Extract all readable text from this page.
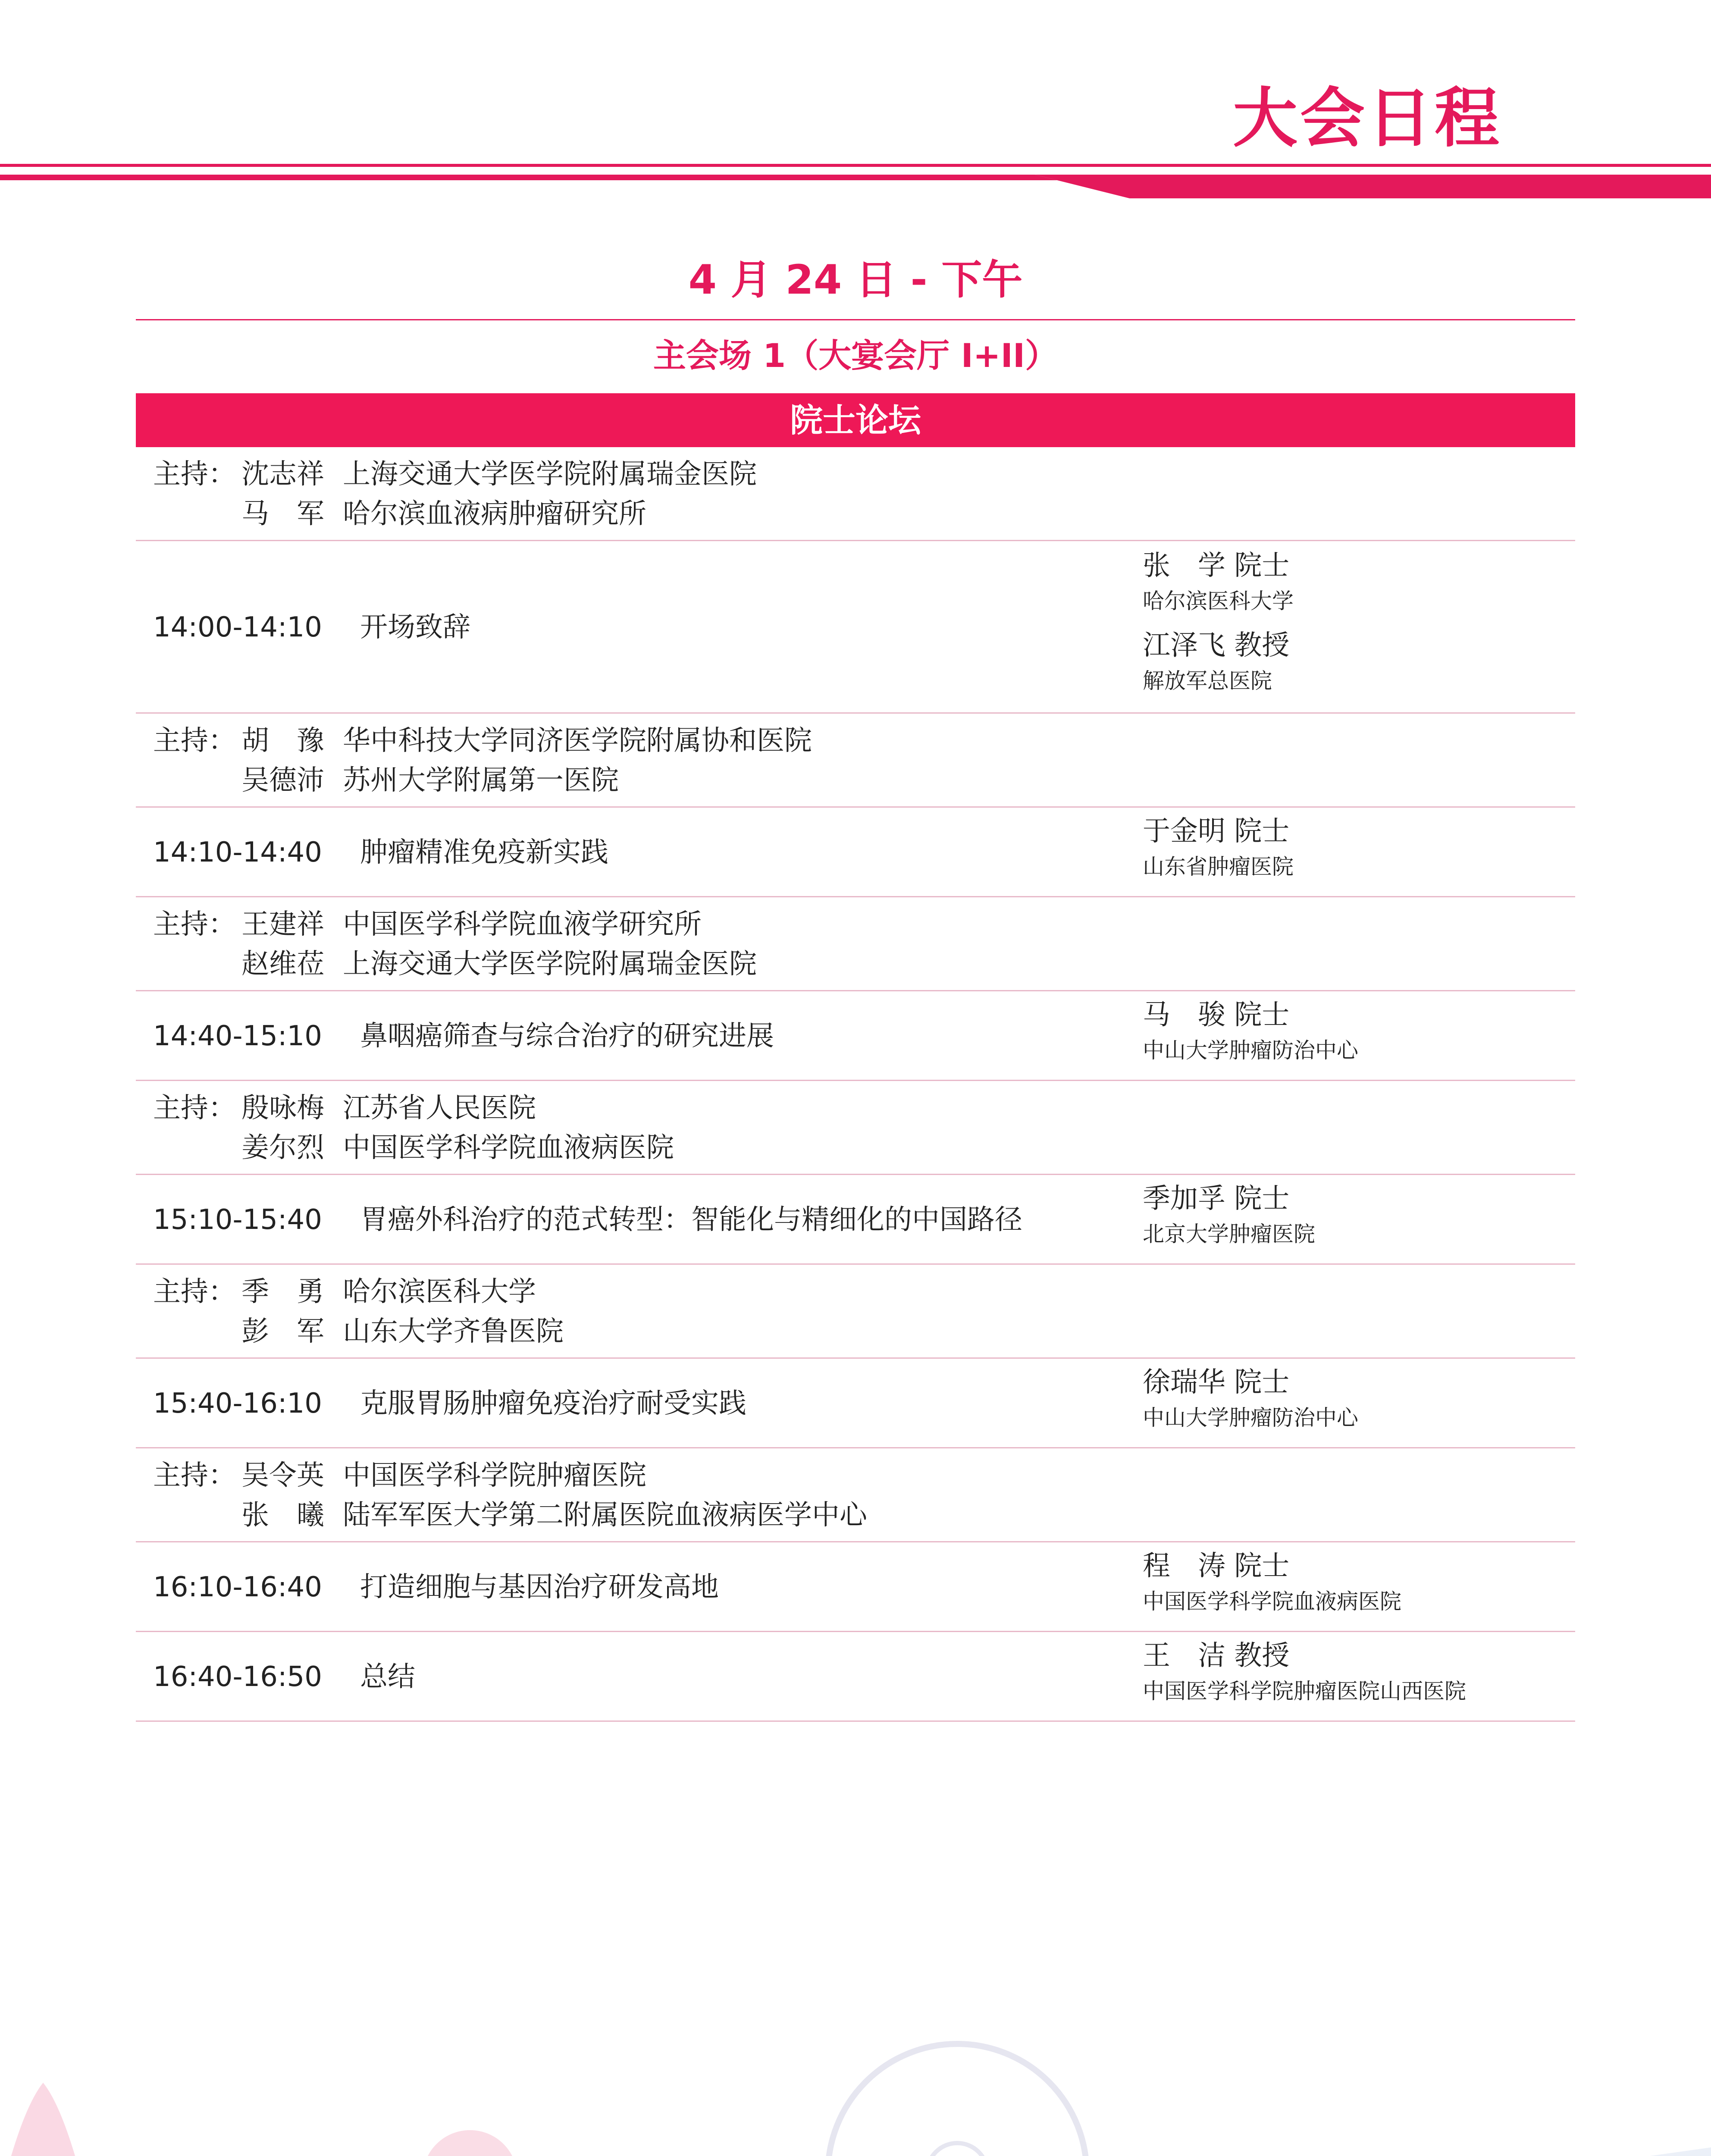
大会日程
4 月 24 日 - 下午
主会场 1（大宴会厅 I+II）
院士论坛
主持： 沈志祥 上海交通大学医学院附属瑞金医院
马　军 哈尔滨血液病肿瘤研究所
14:00-14:10 开场致辞
张　学 院士
哈尔滨医科大学
江泽飞 教授
解放军总医院
主持： 胡　豫 华中科技大学同济医学院附属协和医院
吴德沛 苏州大学附属第一医院
14:10-14:40 肿瘤精准免疫新实践
于金明 院士
山东省肿瘤医院
主持： 王建祥 中国医学科学院血液学研究所
赵维莅 上海交通大学医学院附属瑞金医院
14:40-15:10 鼻咽癌筛查与综合治疗的研究进展
马　骏 院士
中山大学肿瘤防治中心
主持： 殷咏梅 江苏省人民医院
姜尔烈 中国医学科学院血液病医院
15:10-15:40 胃癌外科治疗的范式转型：智能化与精细化的中国路径
季加孚 院士
北京大学肿瘤医院
主持： 季　勇 哈尔滨医科大学
彭　军 山东大学齐鲁医院
15:40-16:10 克服胃肠肿瘤免疫治疗耐受实践
徐瑞华 院士
中山大学肿瘤防治中心
主持： 吴令英 中国医学科学院肿瘤医院
张　曦 陆军军医大学第二附属医院血液病医学中心
16:10-16:40 打造细胞与基因治疗研发高地
程　涛 院士
中国医学科学院血液病医院
16:40-16:50 总结
王　洁 教授
中国医学科学院肿瘤医院山西医院
